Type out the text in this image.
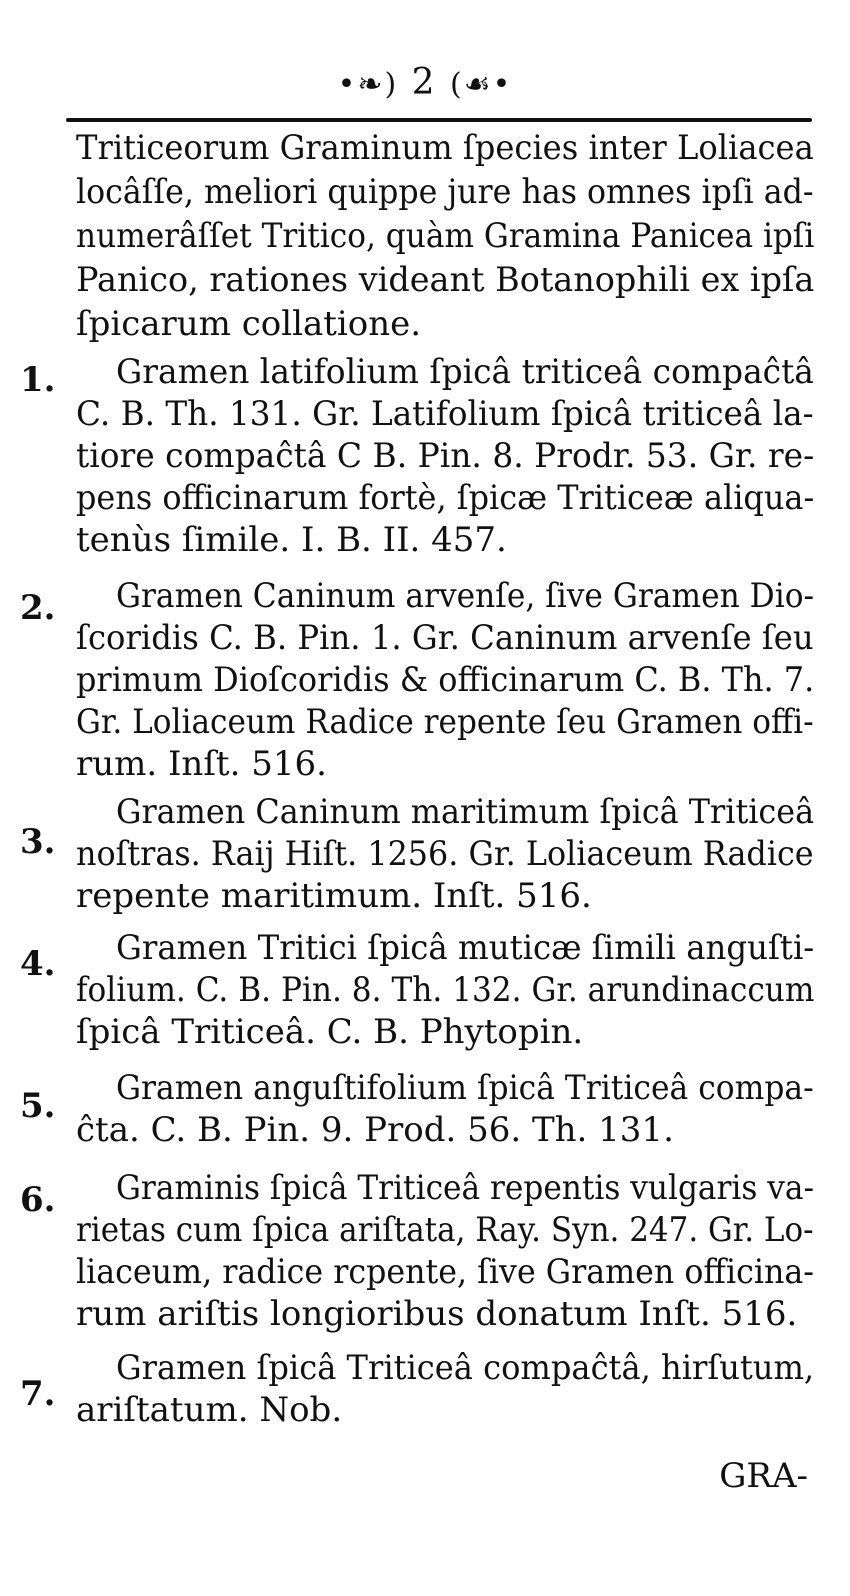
•❧) 2 (☙•
Triticeorum Graminum ſpecies inter Loliacea
locâſſe, meliori quippe jure has omnes ipſi ad-
numerâſſet Tritico, quàm Gramina Panicea ipſi
Panico, rationes videant Botanophili ex ipſa
ſpicarum collatione.
1. Gramen latifolium ſpicâ triticeâ compaĉtâ
C. B. Th. 131. Gr. Latifolium ſpicâ triticeâ la-
tiore compaĉtâ C B. Pin. 8. Prodr. 53. Gr. re-
pens officinarum fortè, ſpicæ Triticeæ aliqua-
tenùs ſimile. I. B. II. 457.
2. Gramen Caninum arvenſe, ſive Gramen Dio-
ſcoridis C. B. Pin. 1. Gr. Caninum arvenſe ſeu
primum Dioſcoridis & officinarum C. B. Th. 7.
Gr. Loliaceum Radice repente ſeu Gramen offi-
rum. Inſt. 516.
3.
Gramen Caninum maritimum ſpicâ Triticeâ
noſtras. Raij Hiſt. 1256. Gr. Loliaceum Radice
repente maritimum. Inſt. 516.
4. Gramen Tritici ſpicâ muticæ ſimili anguſti-
folium. C. B. Pin. 8. Th. 132. Gr. arundinaccum
ſpicâ Triticeâ. C. B. Phytopin.
5. Gramen anguſtifolium ſpicâ Triticeâ compa-
ĉta. C. B. Pin. 9. Prod. 56. Th. 131.
6. Graminis ſpicâ Triticeâ repentis vulgaris va-
rietas cum ſpica ariſtata, Ray. Syn. 247. Gr. Lo-
liaceum, radice rcpente, ſive Gramen officina-
rum ariſtis longioribus donatum Inſt. 516.
7.
Gramen ſpicâ Triticeâ compaĉtâ, hirſutum,
ariſtatum. Nob.
GRA-
